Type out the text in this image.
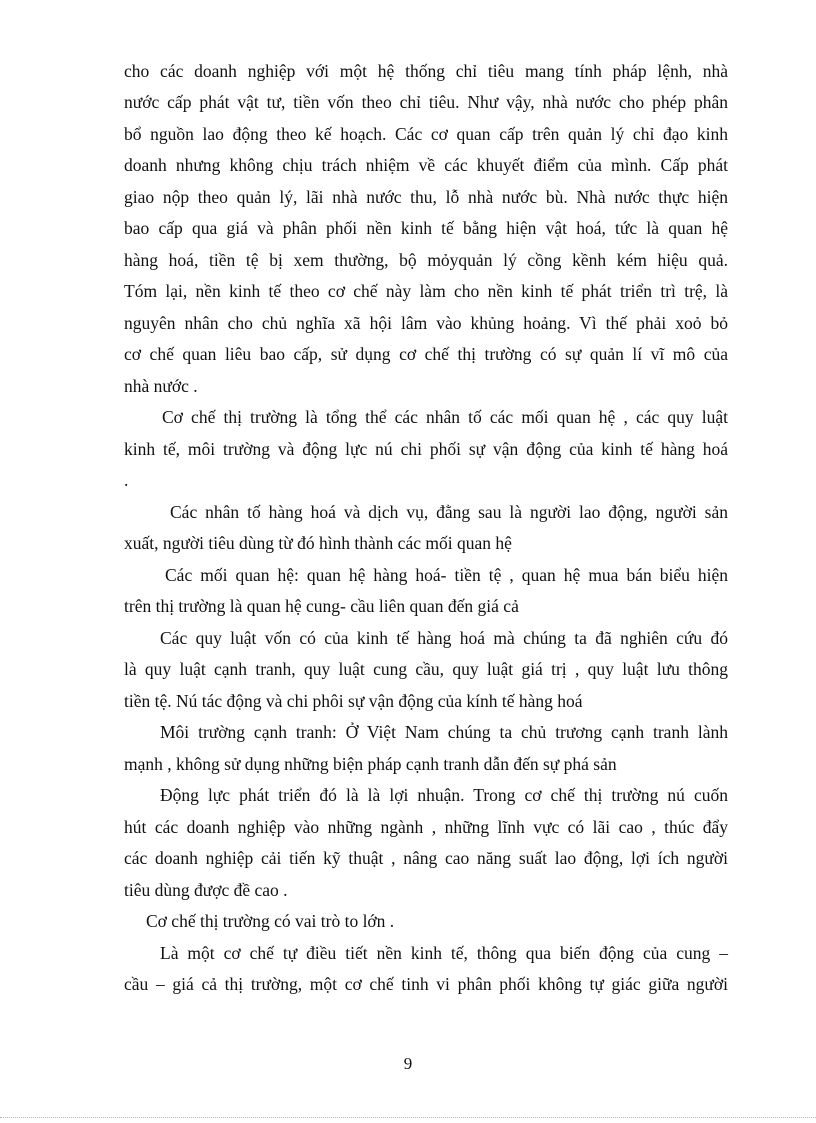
cho các doanh nghiệp với một hệ thống chỉ tiêu mang tính pháp lệnh, nhà
nước cấp phát vật tư, tiền vốn theo chỉ tiêu. Như vậy, nhà nước cho phép phân
bổ nguồn lao động theo kế hoạch. Các cơ quan cấp trên quản lý chỉ đạo kinh
doanh nhưng không chịu trách nhiệm về các khuyết điểm của mình. Cấp phát
giao nộp theo quản lý, lãi nhà nước thu, lỗ nhà nước bù. Nhà nước thực hiện
bao cấp qua giá và phân phối nền kinh tế bằng hiện vật hoá, tức là quan hệ
hàng hoá, tiền tệ bị xem thường, bộ mỏyquản lý cồng kềnh kém hiệu quả.
Tóm lại, nền kinh tế theo cơ chế này làm cho nền kinh tế phát triển trì trệ, là
nguyên nhân cho chủ nghĩa xã hội lâm vào khủng hoảng. Vì thế phải xoỏ bỏ
cơ chế quan liêu bao cấp, sử dụng cơ chế thị trường có sự quản lí vĩ mô của
nhà nước .
Cơ chế thị trường là tổng thể các nhân tố các mối quan hệ , các quy luật
kinh tế, môi trường và động lực nú chi phối sự vận động của kinh tế hàng hoá
.
Các nhân tố hàng hoá và dịch vụ, đằng sau là người lao động, người sản
xuất, người tiêu dùng từ đó hình thành các mối quan hệ
Các mối quan hệ: quan hệ hàng hoá- tiền tệ , quan hệ mua bán biểu hiện
trên thị trường là quan hệ cung- cầu liên quan đến giá cả
Các quy luật vốn có của kinh tế hàng hoá mà chúng ta đã nghiên cứu đó
là quy luật cạnh tranh, quy luật cung cầu, quy luật giá trị , quy luật lưu thông
tiền tệ. Nú tác động và chi phôi sự vận động của kính tế hàng hoá
Môi trường cạnh tranh: Ở Việt Nam chúng ta chủ trương cạnh tranh lành
mạnh , không sử dụng những biện pháp cạnh tranh dẫn đến sự phá sản
Động lực phát triển đó là là lợi nhuận. Trong cơ chế thị trường nú cuốn
hút các doanh nghiệp vào những ngành , những lĩnh vực có lãi cao , thúc đẩy
các doanh nghiệp cải tiến kỹ thuật , nâng cao năng suất lao động, lợi ích người
tiêu dùng được đề cao .
Cơ chế thị trường có vai trò to lớn .
Là một cơ chế tự điều tiết nền kinh tế, thông qua biến động của cung –
cầu – giá cả thị trường, một cơ chế tinh vi phân phối không tự giác giữa người
9
